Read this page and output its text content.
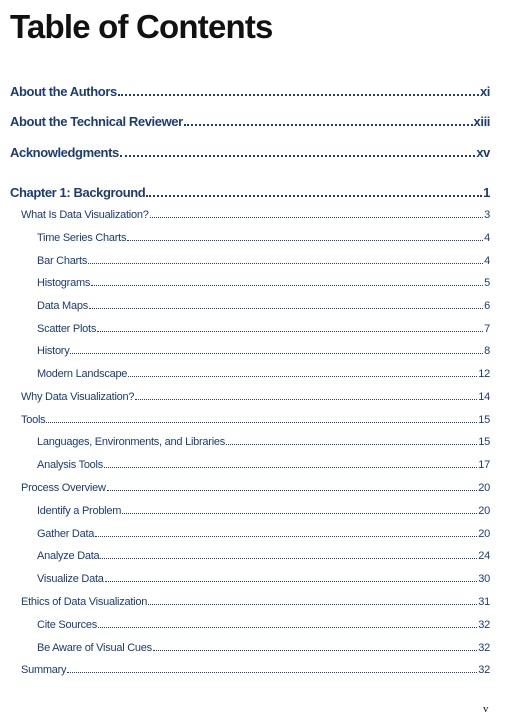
Table of Contents
About the Authors	xi
About the Technical Reviewer	xiii
Acknowledgments	xv
Chapter 1: Background	1
What Is Data Visualization?	3
Time Series Charts	4
Bar Charts	4
Histograms	5
Data Maps	6
Scatter Plots	7
History	8
Modern Landscape	12
Why Data Visualization?	14
Tools	15
Languages, Environments, and Libraries	15
Analysis Tools	17
Process Overview	20
Identify a Problem	20
Gather Data	20
Analyze Data	24
Visualize Data	30
Ethics of Data Visualization	31
Cite Sources	32
Be Aware of Visual Cues	32
Summary	32
v
